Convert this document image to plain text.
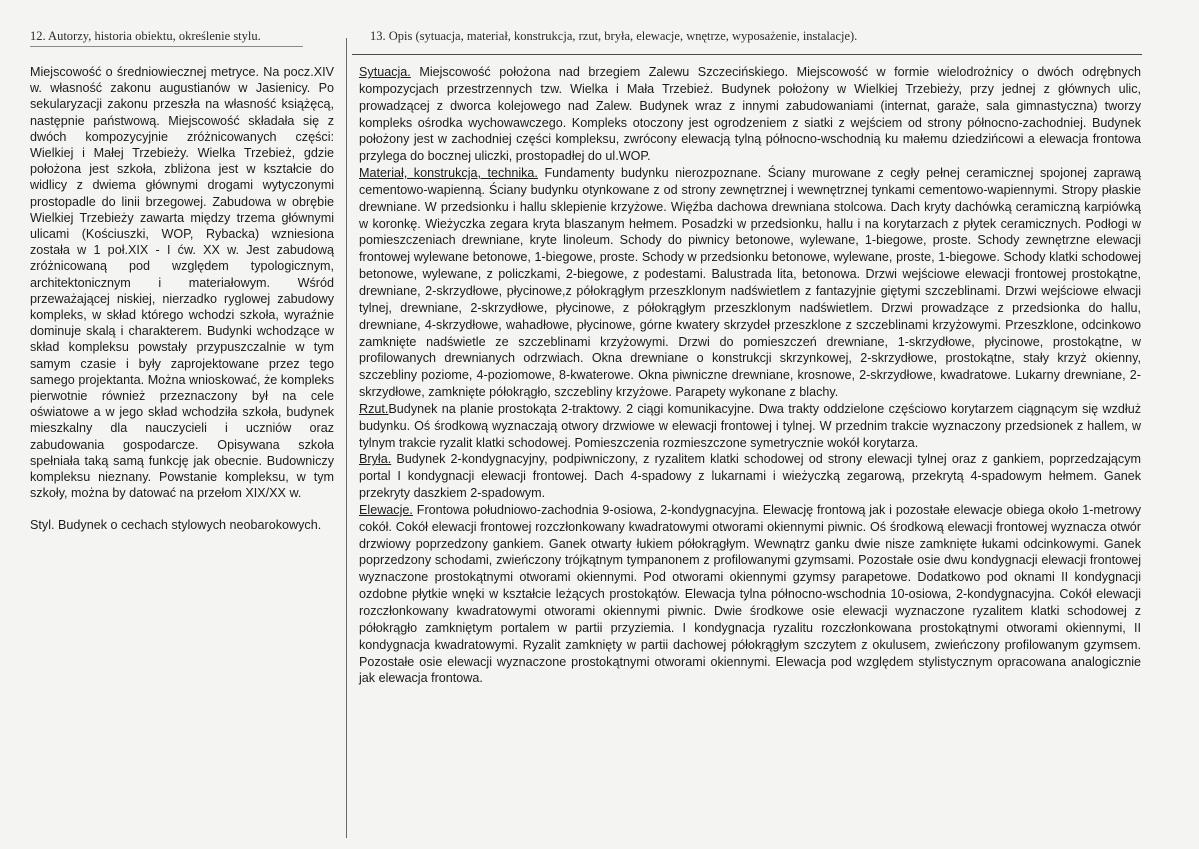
12. Autorzy, historia obiektu, określenie stylu.	13. Opis (sytuacja, materiał, konstrukcja, rzut, bryła, elewacje, wnętrze, wyposażenie, instalacje).

Miejscowość o średniowiecznej metryce. Na pocz.XIV w. własność zakonu augustianów w Jasienicy. Po sekularyzacji zakonu przeszła na własność książęcą, następnie państwową. Miejscowość składała się z dwóch kompozycyjnie zróżnicowanych części: Wielkiej i Małej Trzebieży. Wielka Trzebież, gdzie położona jest szkoła, zbliżona jest w kształcie do widlicy z dwiema głównymi drogami wytyczonymi prostopadle do linii brzegowej. Zabudowa w obrębie Wielkiej Trzebieży zawarta między trzema głównymi ulicami (Kościuszki, WOP, Rybacka) wzniesiona została w 1 poł.XIX - I ćw. XX w. Jest zabudową zróżnicowaną pod względem typologicznym, architektonicznym i materiałowym. Wśród przeważającej niskiej, nierzadko ryglowej zabudowy kompleks, w skład którego wchodzi szkoła, wyraźnie dominuje skalą i charakterem. Budynki wchodzące w skład kompleksu powstały przypuszczalnie w tym samym czasie i były zaprojektowane przez tego samego projektanta. Można wnioskować, że kompleks pierwotnie również przeznaczony był na cele oświatowe a w jego skład wchodziła szkoła, budynek mieszkalny dla nauczycieli i uczniów oraz zabudowania gospodarcze. Opisywana szkoła spełniała taką samą funkcję jak obecnie. Budowniczy kompleksu nieznany. Powstanie kompleksu, w tym szkoły, można by datować na przełom XIX/XX w.

Styl. Budynek o cechach stylowych neobarokowych.

Sytuacja. Miejscowość położona nad brzegiem Zalewu Szczecińskiego. Miejscowość w formie wielodrożnicy o dwóch odrębnych kompozycjach przestrzennych tzw. Wielka i Mała Trzebież. Budynek położony w Wielkiej Trzebieży, przy jednej z głównych ulic, prowadzącej z dworca kolejowego nad Zalew. Budynek wraz z innymi zabudowaniami (internat, garaże, sala gimnastyczna) tworzy kompleks ośrodka wychowawczego. Kompleks otoczony jest ogrodzeniem z siatki z wejściem od strony północno-zachodniej. Budynek położony jest w zachodniej części kompleksu, zwrócony elewacją tylną północno-wschodnią ku małemu dziedzińcowi a elewacja frontowa przylega do bocznej uliczki, prostopadłej do ul.WOP.

Materiał, konstrukcja, technika. Fundamenty budynku nierozpoznane. Ściany murowane z cegły pełnej ceramicznej spojonej zaprawą cementowo-wapienną. Ściany budynku otynkowane z od strony zewnętrznej i wewnętrznej tynkami cementowo-wapiennymi. Stropy płaskie drewniane. W przedsionku i hallu sklepienie krzyżowe. Więźba dachowa drewniana stolcowa. Dach kryty dachówką ceramiczną karpiówką w koronkę. Wieżyczka zegara kryta blaszanym hełmem. Posadzki w przedsionku, hallu i na korytarzach z płytek ceramicznych. Podłogi w pomieszczeniach drewniane, kryte linoleum. Schody do piwnicy betonowe, wylewane, 1-biegowe, proste. Schody zewnętrzne elewacji frontowej wylewane betonowe, 1-biegowe, proste. Schody w przedsionku betonowe, wylewane, proste, 1-biegowe. Schody klatki schodowej betonowe, wylewane, z policzkami, 2-biegowe, z podestami. Balustrada lita, betonowa. Drzwi wejściowe elewacji frontowej prostokątne, drewniane, 2-skrzydłowe, płycinowe,z półokrągłym przeszklonym nadświetlem z fantazyjnie giętymi szczeblinami. Drzwi wejściowe elwacji tylnej, drewniane, 2-skrzydłowe, płycinowe, z półokrągłym przeszklonym nadświetlem. Drzwi prowadzące z przedsionka do hallu, drewniane, 4-skrzydłowe, wahadłowe, płycinowe, górne kwatery skrzydeł przeszklone z szczeblinami krzyżowymi. Przeszklone, odcinkowo zamknięte nadświetle ze szczeblinami krzyżowymi. Drzwi do pomieszczeń drewniane, 1-skrzydłowe, płycinowe, prostokątne, w profilowanych drewnianych odrzwiach. Okna drewniane o konstrukcji skrzynkowej, 2-skrzydłowe, prostokątne, stały krzyż okienny, szczebliny poziome, 4-poziomowe, 8-kwaterowe. Okna piwniczne drewniane, krosnowe, 2-skrzydłowe, kwadratowe. Lukarny drewniane, 2-skrzydłowe, zamknięte półokrągło, szczebliny krzyżowe. Parapety wykonane z blachy.

Rzut.Budynek na planie prostokąta 2-traktowy. 2 ciągi komunikacyjne. Dwa trakty oddzielone częściowo korytarzem ciągnącym się wzdłuż budynku. Oś środkową wyznaczają otwory drzwiowe w elewacji frontowej i tylnej. W przednim trakcie wyznaczony przedsionek z hallem, w tylnym trakcie ryzalit klatki schodowej. Pomieszczenia rozmieszczone symetrycznie wokół korytarza.

Bryła. Budynek 2-kondygnacyjny, podpiwniczony, z ryzalitem klatki schodowej od strony elewacji tylnej oraz z gankiem, poprzedzającym portal I kondygnacji elewacji frontowej. Dach 4-spadowy z lukarnami i wieżyczką zegarową, przekrytą 4-spadowym hełmem. Ganek przekryty daszkiem 2-spadowym.

Elewacje. Frontowa południowo-zachodnia 9-osiowa, 2-kondygnacyjna. Elewację frontową jak i pozostałe elewacje obiega około 1-metrowy cokół. Cokół elewacji frontowej rozczłonkowany kwadratowymi otworami okiennymi piwnic. Oś środkową elewacji frontowej wyznacza otwór drzwiowy poprzedzony gankiem. Ganek otwarty łukiem półokrągłym. Wewnątrz ganku dwie nisze zamknięte łukami odcinkowymi. Ganek poprzedzony schodami, zwieńczony trójkątnym tympanonem z profilowanymi gzymsami. Pozostałe osie dwu kondygnacji elewacji frontowej wyznaczone prostokątnymi otworami okiennymi. Pod otworami okiennymi gzymsy parapetowe. Dodatkowo pod oknami II kondygnacji ozdobne płytkie wnęki w kształcie leżących prostokątów. Elewacja tylna północno-wschodnia 10-osiowa, 2-kondygnacyjna. Cokół elewacji rozczłonkowany kwadratowymi otworami okiennymi piwnic. Dwie środkowe osie elewacji wyznaczone ryzalitem klatki schodowej z półokrągło zamkniętym portalem w partii przyziemia. I kondygnacja ryzalitu rozczłonkowana prostokątnymi otworami okiennymi, II kondygnacja kwadratowymi. Ryzalit zamknięty w partii dachowej półokrągłym szczytem z okulusem, zwieńczony profilowanym gzymsem. Pozostałe osie elewacji wyznaczone prostokątnymi otworami okiennymi. Elewacja pod względem stylistycznym opracowana analogicznie jak elewacja frontowa.
